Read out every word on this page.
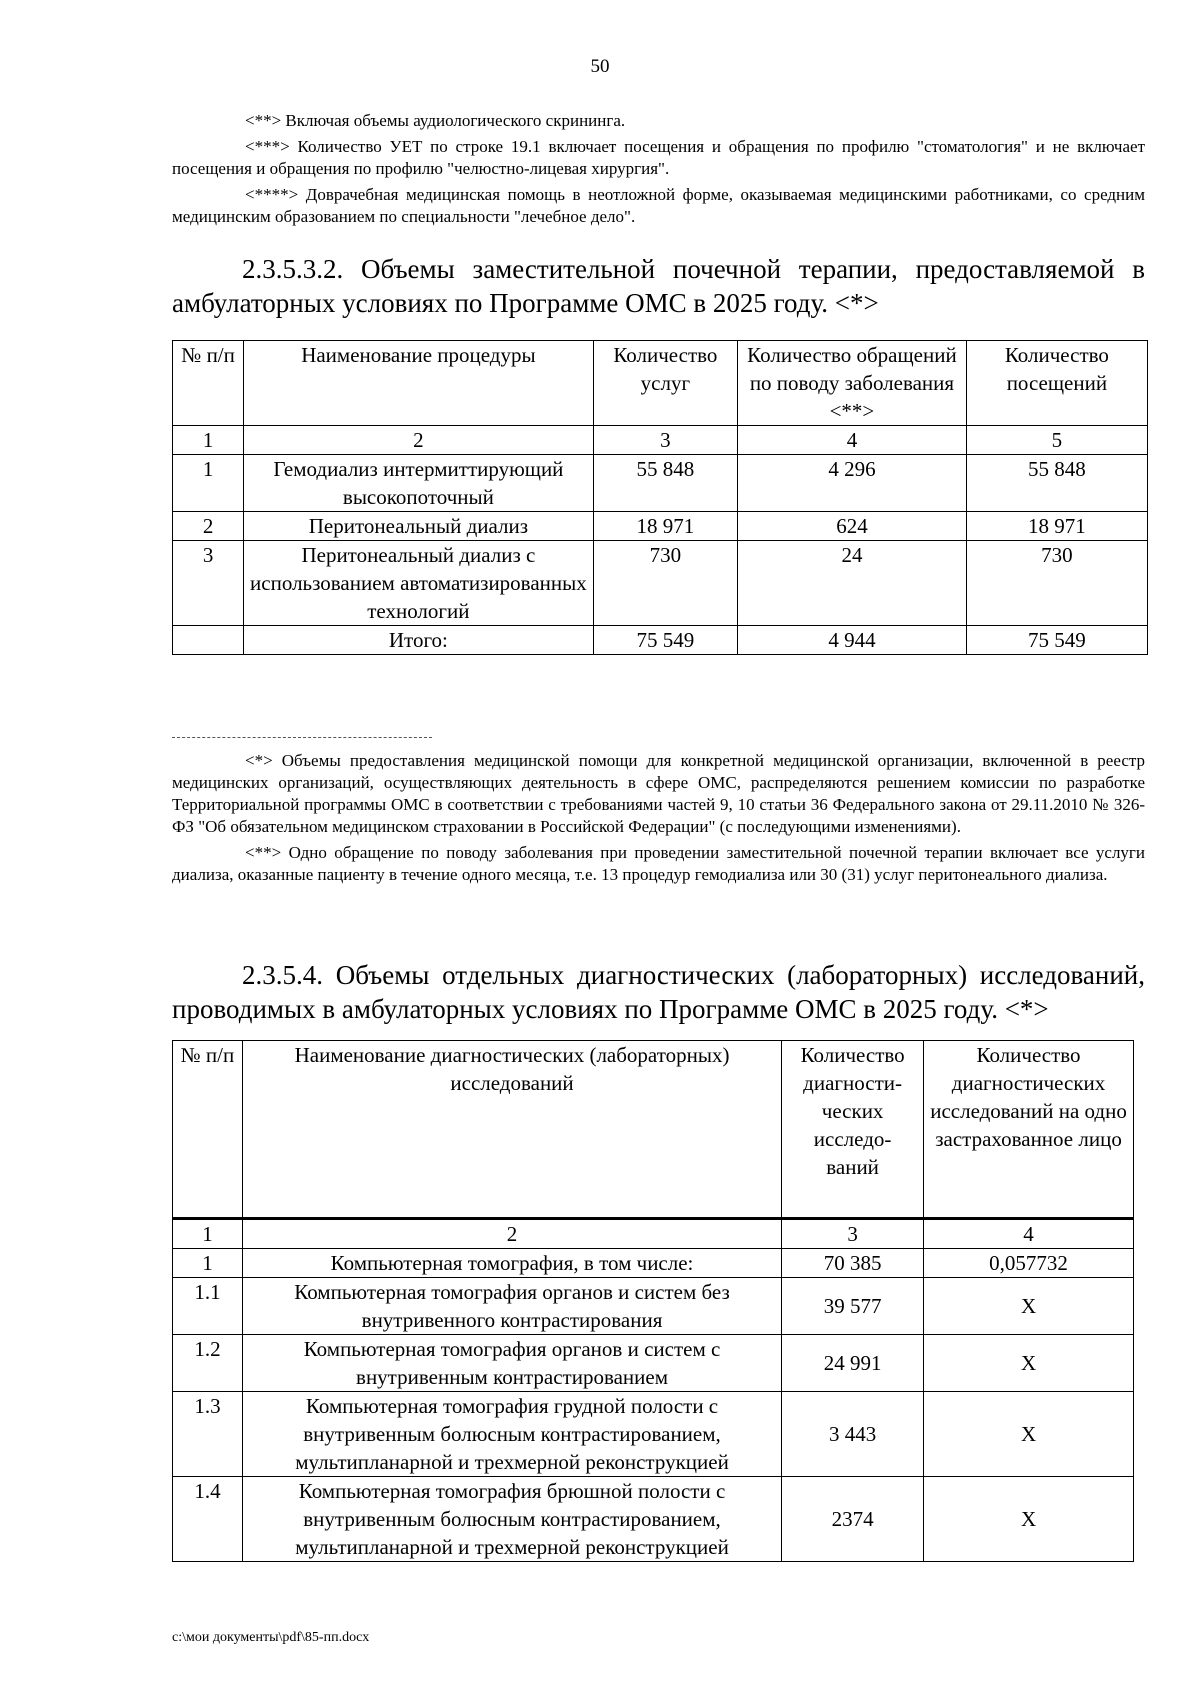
50

<**> Включая объемы аудиологического скрининга.

<***> Количество УЕТ по строке 19.1 включает посещения и обращения по профилю "стоматология" и не включает посещения и обращения по профилю "челюстно-лицевая хирургия".

<****> Доврачебная медицинская помощь в неотложной форме, оказываемая медицинскими работниками, со средним медицинским образованием по специальности "лечебное дело".

2.3.5.3.2. Объемы заместительной почечной терапии, предоставляемой в амбулаторных условиях по Программе ОМС в 2025 году. <*>
№ п/п	Наименование процедуры	Количество услуг	Количество обращений по поводу заболевания <**>	Количество посещений
1	2	3	4	5
1	Гемодиализ интермиттирующий высокопоточный	55 848	4 296	55 848
2	Перитонеальный диализ	18 971	624	18 971
3	Перитонеальный диализ с использованием автоматизированных технологий	730	24	730
	Итого:	75 549	4 944	75 549

<*> Объемы предоставления медицинской помощи для конкретной медицинской организации, включенной в реестр медицинских организаций, осуществляющих деятельность в сфере ОМС, распределяются решением комиссии по разработке Территориальной программы ОМС в соответствии с требованиями частей 9, 10 статьи 36 Федерального закона от 29.11.2010 № 326-ФЗ "Об обязательном медицинском страховании в Российской Федерации" (с последующими изменениями).

<**> Одно обращение по поводу заболевания при проведении заместительной почечной терапии включает все услуги диализа, оказанные пациенту в течение одного месяца, т.е. 13 процедур гемодиализа или 30 (31) услуг перитонеального диализа.

2.3.5.4. Объемы отдельных диагностических (лабораторных) исследований, проводимых в амбулаторных условиях по Программе ОМС в 2025 году. <*>
№ п/п	Наименование диагностических (лабораторных) исследований	Количество диагности- ческих исследо- ваний	Количество диагностических исследований на одно застрахованное лицо
1	2	3	4
1	Компьютерная томография, в том числе:	70 385	0,057732
1.1	Компьютерная томография органов и систем без внутривенного контрастирования	39 577	X
1.2	Компьютерная томография органов и систем с внутривенным контрастированием	24 991	X
1.3	Компьютерная томография грудной полости с внутривенным болюсным контрастированием, мультипланарной и трехмерной реконструкцией	3 443	X
1.4	Компьютерная томография брюшной полости с внутривенным болюсным контрастированием, мультипланарной и трехмерной реконструкцией	2374	X
c:\мои документы\pdf\85-пп.docx
